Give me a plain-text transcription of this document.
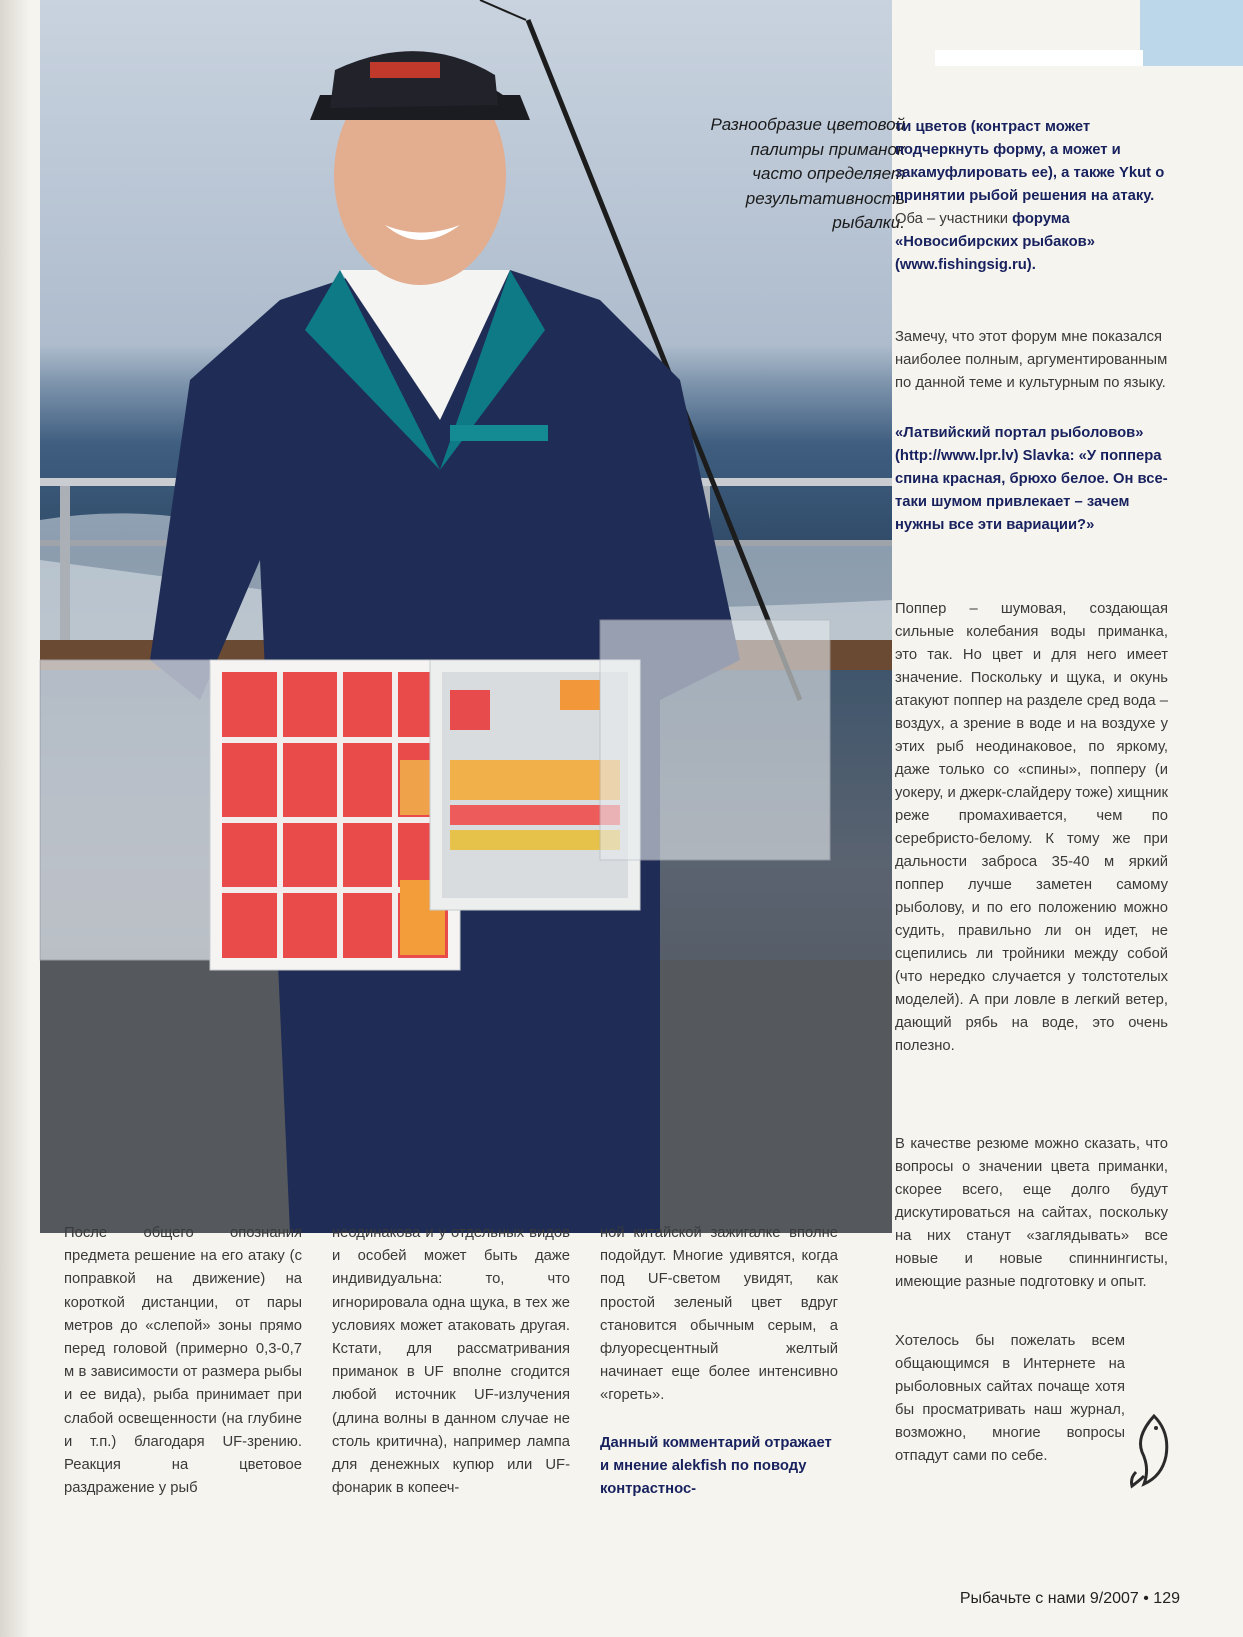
Разнообразие цветовой
палитры приманок
часто определяет
результативность
рыбалки.
ти цветов (контраст может подчеркнуть форму, а может и закамуфлировать ее), а также Ykut о принятии рыбой решения на атаку. Оба – участники форума «Новосибирских рыбаков» (www.fishingsig.ru).
Замечу, что этот форум мне показался наиболее полным, аргументированным по данной теме и культурным по языку.
«Латвийский портал рыболовов» (http://www.lpr.lv) Slavka: «У поппера спина красная, брюхо белое. Он все-таки шумом привлекает – зачем нужны все эти вариации?»
Поппер – шумовая, создающая сильные колебания воды приманка, это так. Но цвет и для него имеет значение. Поскольку и щука, и окунь атакуют поппер на разделе сред вода – воздух, а зрение в воде и на воздухе у этих рыб неодинаковое, по яркому, даже только со «спины», попперу (и уокеру, и джерк-слайдеру тоже) хищник реже промахивается, чем по серебристо-белому. К тому же при дальности заброса 35-40 м яркий поппер лучше заметен самому рыболову, и по его положению можно судить, правильно ли он идет, не сцепились ли тройники между собой (что нередко случается у толстотелых моделей). А при ловле в легкий ветер, дающий рябь на воде, это очень полезно.
В качестве резюме можно сказать, что вопросы о значении цвета приманки, скорее всего, еще долго будут дискутироваться на сайтах, поскольку на них станут «заглядывать» все новые и новые спиннингисты, имеющие разные подготовку и опыт.
Хотелось бы пожелать всем общающимся в Интернете на рыболовных сайтах почаще хотя бы просматривать наш журнал, возможно, многие вопросы отпадут сами по себе.
После общего опознания предмета решение на его атаку (с поправкой на движение) на короткой дистанции, от пары метров до «слепой» зоны прямо перед головой (примерно 0,3-0,7 м в зависимости от размера рыбы и ее вида), рыба принимает при слабой освещенности (на глубине и т.п.) благодаря UF-зрению. Реакция на цветовое раздражение у рыб
неодинакова и у отдельных видов и особей может быть даже индивидуальна: то, что игнорировала одна щука, в тех же условиях может атаковать другая. Кстати, для рассматривания приманок в UF вполне сгодится любой источник UF-излучения (длина волны в данном случае не столь критична), например лампа для денежных купюр или UF-фонарик в копееч-
ной китайской зажигалке вполне подойдут. Многие удивятся, когда под UF-светом увидят, как простой зеленый цвет вдруг становится обычным серым, а флуоресцентный желтый начинает еще более интенсивно «гореть».
Данный комментарий отражает и мнение alekfish по поводу контрастнос-
Рыбачьте с нами 9/2007 • 129
